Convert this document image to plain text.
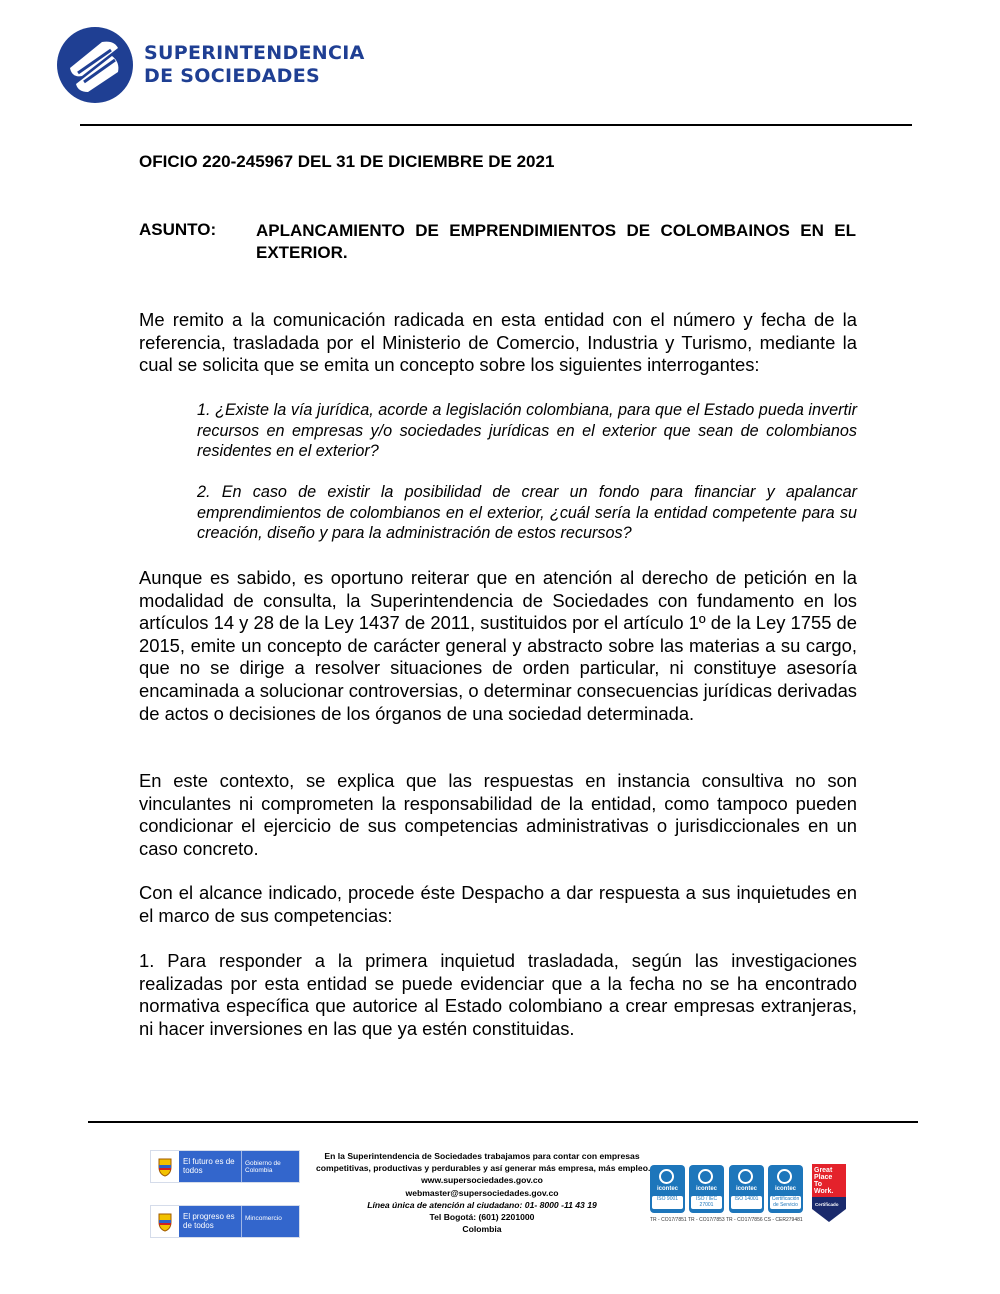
SUPERINTENDENCIA
DE SOCIEDADES
OFICIO 220-245967 DEL 31 DE DICIEMBRE DE 2021
ASUNTO: APLANCAMIENTO DE EMPRENDIMIENTOS DE COLOMBAINOS EN EL EXTERIOR.

Me remito a la comunicación radicada en esta entidad con el número y fecha de la referencia, trasladada por el Ministerio de Comercio, Industria y Turismo, mediante la cual se solicita que se emita un concepto sobre los siguientes interrogantes:

1. ¿Existe la vía jurídica, acorde a legislación colombiana, para que el Estado pueda invertir recursos en empresas y/o sociedades jurídicas en el exterior que sean de colombianos residentes en el exterior?

2. En caso de existir la posibilidad de crear un fondo para financiar y apalancar emprendimientos de colombianos en el exterior, ¿cuál sería la entidad competente para su creación, diseño y para la administración de estos recursos?

Aunque es sabido, es oportuno reiterar que en atención al derecho de petición en la modalidad de consulta, la Superintendencia de Sociedades con fundamento en los artículos 14 y 28 de la Ley 1437 de 2011, sustituidos por el artículo 1º de la Ley 1755 de 2015, emite un concepto de carácter general y abstracto sobre las materias a su cargo, que no se dirige a resolver situaciones de orden particular, ni constituye asesoría encaminada a solucionar controversias, o determinar consecuencias jurídicas derivadas de actos o decisiones de los órganos de una sociedad determinada.

En este contexto, se explica que las respuestas en instancia consultiva no son vinculantes ni comprometen la responsabilidad de la entidad, como tampoco pueden condicionar el ejercicio de sus competencias administrativas o jurisdiccionales en un caso concreto.

Con el alcance indicado, procede éste Despacho a dar respuesta a sus inquietudes en el marco de sus competencias:

1. Para responder a la primera inquietud trasladada, según las investigaciones realizadas por esta entidad se puede evidenciar que a la fecha no se ha encontrado normativa específica que autorice al Estado colombiano a crear empresas extranjeras, ni hacer inversiones en las que ya estén constituidas.

El futuro es de todos
Gobierno de Colombia
El progreso es de todos
Mincomercio
En la Superintendencia de Sociedades trabajamos para contar con empresas
competitivas, productivas y perdurables y así generar más empresa, más empleo.
www.supersociedades.gov.co
webmaster@supersociedades.gov.co
Línea única de atención al ciudadano: 01- 8000 -11 43 19
Tel Bogotá: (601) 2201000
Colombia
icontec
ISO 9001
icontec
ISO / IEC 27001
icontec
ISO 14001
icontec
Certificación de Servicio
TR - CO17/7851 TR - CO17/7853 TR - CO17/7856 CS - CER279481
Great
Place
To
Work.
Certificado
